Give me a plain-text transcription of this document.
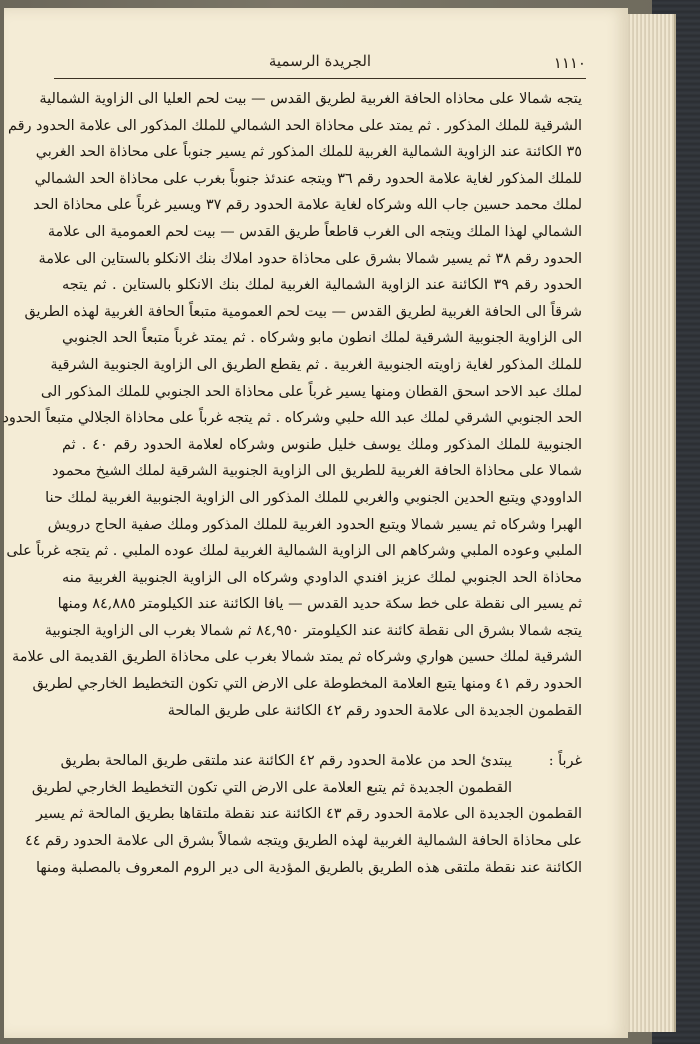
الجريدة الرسمية	١١١٠
يتجه شمالا على محاذاه الحافة الغربية لطريق القدس — بيت لحم العليا الى الزاوية الشمالية
الشرقية للملك المذكور . ثم يمتد على محاذاة الحد الشمالي للملك المذكور الى علامة الحدود رقم
٣٥ الكائنة عند الزاوية الشمالية الغربية للملك المذكور ثم يسير جنوباً على محاذاة الحد الغربي
للملك المذكور لغاية علامة الحدود رقم ٣٦ ويتجه عندئذ جنوباً بغرب على محاذاة الحد الشمالي
لملك محمد حسين جاب الله وشركاه لغاية علامة الحدود رقم ٣٧ ويسير غرباً على محاذاة الحد
الشمالي لهذا الملك ويتجه الى الغرب قاطعاً طريق القدس — بيت لحم العمومية الى علامة
الحدود رقم ٣٨ ثم يسير شمالا بشرق على محاذاة حدود املاك بنك الانكلو بالستاين الى علامة
الحدود رقم ٣٩ الكائنة عند الزاوية الشمالية الغربية لملك بنك الانكلو بالستاين . ثم يتجه
شرقاً الى الحافة الغربية لطريق القدس — بيت لحم العمومية متبعاً الحافة الغربية لهذه الطريق
الى الزاوية الجنوبية الشرقية لملك انطون مابو وشركاه . ثم يمتد غرباً متبعاً الحد الجنوبي
للملك المذكور لغاية زاويته الجنوبية الغربية . ثم يقطع الطريق الى الزاوية الجنوبية الشرقية
لملك عبد الاحد اسحق القطان ومنها يسير غرباً على محاذاة الحد الجنوبي للملك المذكور الى
الحد الجنوبي الشرقي لملك عبد الله حلبي وشركاه . ثم يتجه غرباً على محاذاة الجلالي متبعاً الحدود
الجنوبية للملك المذكور وملك يوسف خليل طنوس وشركاه لعلامة الحدود رقم ٤٠ . ثم
شمالا على محاذاة الحافة الغربية للطريق الى الزاوية الجنوبية الشرقية لملك الشيخ محمود
الداوودي ويتبع الحدين الجنوبي والغربي للملك المذكور الى الزاوية الجنوبية الغربية لملك حنا
الهبرا وشركاه ثم يسير شمالا ويتبع الحدود الغربية للملك المذكور وملك صفية الحاج درويش
الملبي وعوده الملبي وشركاهم الى الزاوية الشمالية الغربية لملك عوده الملبي . ثم يتجه غرباً على
محاذاة الحد الجنوبي لملك عزيز افندي الداودي وشركاه الى الزاوية الجنوبية الغربية منه
ثم يسير الى نقطة على خط سكة حديد القدس — يافا الكائنة عند الكيلومتر ٨٤,٨٨٥ ومنها
يتجه شمالا بشرق الى نقطة كائنة عند الكيلومتر ٨٤,٩٥٠ ثم شمالا بغرب الى الزاوية الجنوبية
الشرقية لملك حسين هواري وشركاه ثم يمتد شمالا بغرب على محاذاة الطريق القديمة الى علامة
الحدود رقم ٤١ ومنها يتبع العلامة المخطوطة على الارض التي تكون التخطيط الخارجي لطريق
القطمون الجديدة الى علامة الحدود رقم ٤٢ الكائنة على طريق المالحة
غرباً :
يبتدئ الحد من علامة الحدود رقم ٤٢ الكائنة عند ملتقى طريق المالحة بطريق
القطمون الجديدة ثم يتبع العلامة على الارض التي تكون التخطيط الخارجي لطريق
القطمون الجديدة الى علامة الحدود رقم ٤٣ الكائنة عند نقطة ملتقاها بطريق المالحة ثم يسير
على محاذاة الحافة الشمالية الغربية لهذه الطريق ويتجه شمالاً بشرق الى علامة الحدود رقم ٤٤
الكائنة عند نقطة ملتقى هذه الطريق بالطريق المؤدية الى دير الروم المعروف بالمصلبة ومنها
